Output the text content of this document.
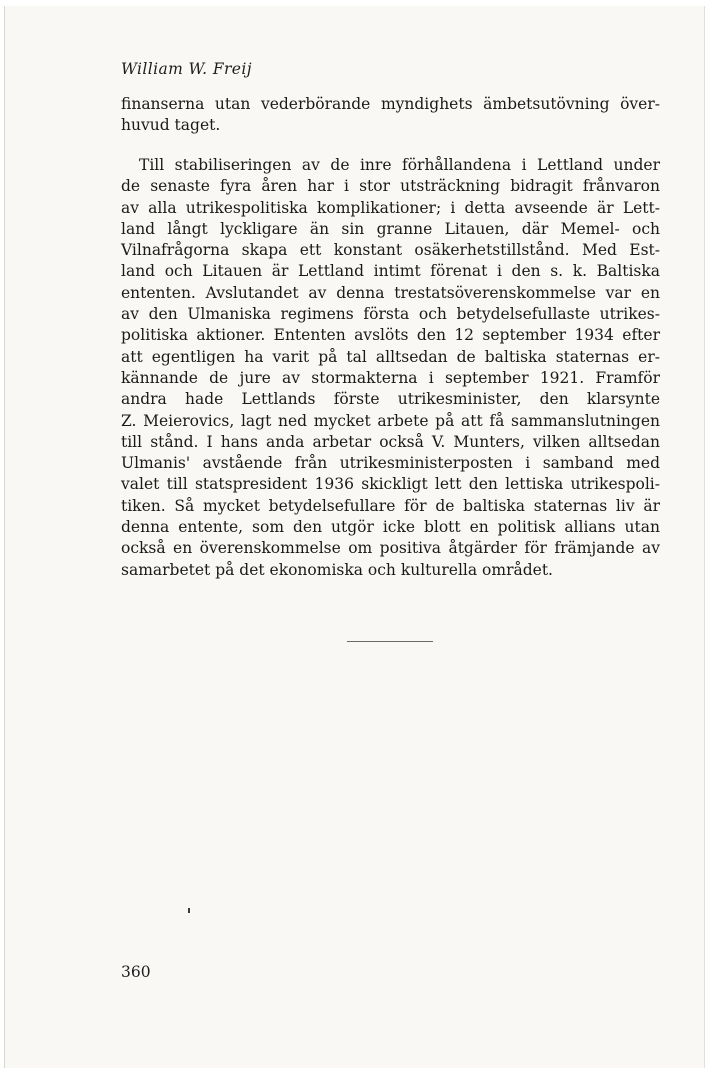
William W. Freij

finanserna utan vederbörande myndighets ämbetsutövning över-
huvud taget.
Till stabiliseringen av de inre förhållandena i Lettland under
de senaste fyra åren har i stor utsträckning bidragit frånvaron
av alla utrikespolitiska komplikationer; i detta avseende är Lett-
land långt lyckligare än sin granne Litauen, där Memel- och
Vilnafrågorna skapa ett konstant osäkerhetstillstånd. Med Est-
land och Litauen är Lettland intimt förenat i den s. k. Baltiska
ententen. Avslutandet av denna trestatsöverenskommelse var en
av den Ulmaniska regimens första och betydelsefullaste utrikes-
politiska aktioner. Ententen avslöts den 12 september 1934 efter
att egentligen ha varit på tal alltsedan de baltiska staternas er-
kännande de jure av stormakterna i september 1921. Framför
andra hade Lettlands förste utrikesminister, den klarsynte
Z. Meierovics, lagt ned mycket arbete på att få sammanslutningen
till stånd. I hans anda arbetar också V. Munters, vilken alltsedan
Ulmanis' avstående från utrikesministerposten i samband med
valet till statspresident 1936 skickligt lett den lettiska utrikespoli-
tiken. Så mycket betydelsefullare för de baltiska staternas liv är
denna entente, som den utgör icke blott en politisk allians utan
också en överenskommelse om positiva åtgärder för främjande av
samarbetet på det ekonomiska och kulturella området.

360
